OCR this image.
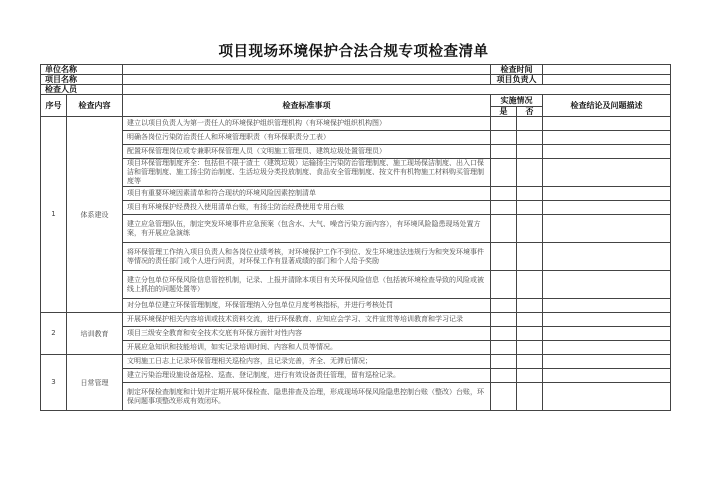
项目现场环境保护合法合规专项检查清单
单位名称			检查时间		
项目名称			项目负责人		
检查人员					
序号	检查内容	检查标准事项	实施情况		检查结论及问题描述
			是	否	
1	体系建设	建立以项目负责人为第一责任人的环境保护组织管理机构（有环境保护组织机构图）			
		明确各岗位污染防治责任人和环境管理职责（有环保职责分工表）			
		配置环保管理岗位或专兼职环保管理人员（文明施工管理员、建筑垃圾处置管理员）			
		项目环保管理制度齐全：包括但不限于渣土（建筑垃圾）运输扬尘污染防治管理制度、施工现场保洁制度、出入口保洁和管理制度、施工扬尘防治制度、生活垃圾分类投放制度、食品安全管理制度、按文件有机物施工材料购买管理制度等			
		项目有重要环境因素清单和符合现状的环境风险因素控制清单			
		项目有环境保护经费投入使用清单台账，有扬尘防治经费使用专用台账			
		建立应急管理队伍，制定突发环境事件应急预案（包含水、大气、噪音污染方面内容），有环境风险隐患现场处置方案，有开展应急演练			
		将环保管理工作纳入项目负责人和各岗位业绩考核，对环境保护工作不到位、发生环境违法违规行为和突发环境事件等情况的责任部门或个人进行问责，对环保工作有显著成绩的部门和个人给予奖励			
		建立分包单位环保风险信息管控机制，记录、上报并清除本项目有关环保风险信息（包括被环境检查导致的风险或被线上抓拍的问题处置等）			
		对分包单位建立环保管理制度，环保管理纳入分包单位月度考核指标，并进行考核处罚			
2	培训教育	开展环境保护相关内容培训或技术资料交流，进行环保教育、应知应会学习、文件宣贯等培训教育和学习记录			
		项目三级安全教育和安全技术交底有环保方面针对性内容			
		开展应急知识和技能培训，如实记录培训时间、内容和人员等情况。			
3	日常管理	文明施工日志上记录环保管理相关巡检内容，且记录完善，齐全、无滞后情况；			
		建立污染治理设施设备巡检、巡查、登记制度，进行有效设备责任管理，留有巡检记录。			
		制定环保检查制度和计划并定期开展环保检查、隐患排查及治理，形成现场环保风险隐患控制台账（整改）台账，环保问题事项整改形成有效闭环。			
